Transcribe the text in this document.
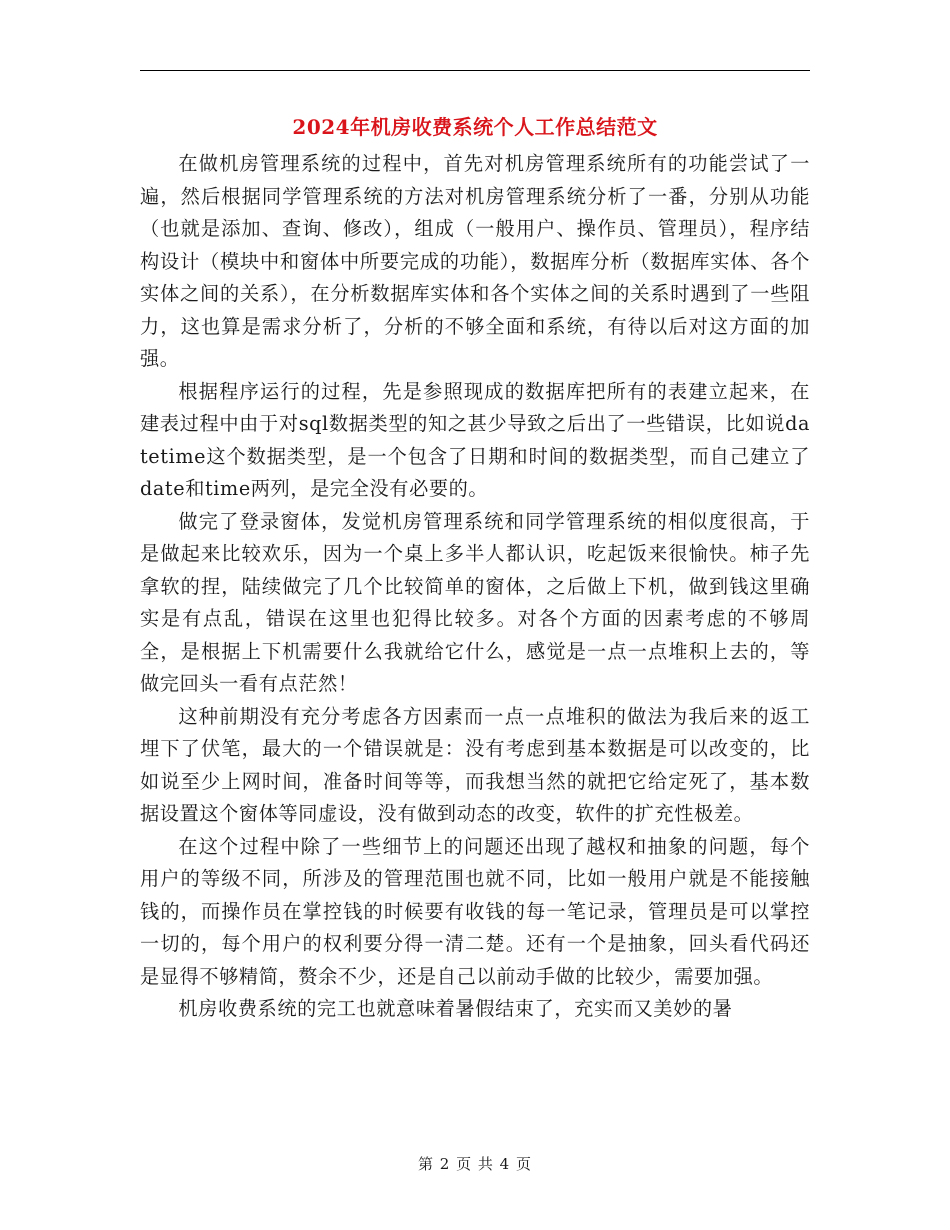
2024年机房收费系统个人工作总结范文

在做机房管理系统的过程中，首先对机房管理系统所有的功能尝试了一遍，然后根据同学管理系统的方法对机房管理系统分析了一番，分别从功能（也就是添加、查询、修改），组成（一般用户、操作员、管理员），程序结构设计（模块中和窗体中所要完成的功能），数据库分析（数据库实体、各个实体之间的关系），在分析数据库实体和各个实体之间的关系时遇到了一些阻力，这也算是需求分析了，分析的不够全面和系统，有待以后对这方面的加强。

根据程序运行的过程，先是参照现成的数据库把所有的表建立起来，在建表过程中由于对sql数据类型的知之甚少导致之后出了一些错误，比如说datetime这个数据类型，是一个包含了日期和时间的数据类型，而自己建立了date和time两列，是完全没有必要的。

做完了登录窗体，发觉机房管理系统和同学管理系统的相似度很高，于是做起来比较欢乐，因为一个桌上多半人都认识，吃起饭来很愉快。柿子先拿软的捏，陆续做完了几个比较简单的窗体，之后做上下机，做到钱这里确实是有点乱，错误在这里也犯得比较多。对各个方面的因素考虑的不够周全，是根据上下机需要什么我就给它什么，感觉是一点一点堆积上去的，等做完回头一看有点茫然！

这种前期没有充分考虑各方因素而一点一点堆积的做法为我后来的返工埋下了伏笔，最大的一个错误就是：没有考虑到基本数据是可以改变的，比如说至少上网时间，准备时间等等，而我想当然的就把它给定死了，基本数据设置这个窗体等同虚设，没有做到动态的改变，软件的扩充性极差。

在这个过程中除了一些细节上的问题还出现了越权和抽象的问题，每个用户的等级不同，所涉及的管理范围也就不同，比如一般用户就是不能接触钱的，而操作员在掌控钱的时候要有收钱的每一笔记录，管理员是可以掌控一切的，每个用户的权利要分得一清二楚。还有一个是抽象，回头看代码还是显得不够精简，赘余不少，还是自己以前动手做的比较少，需要加强。

机房收费系统的完工也就意味着暑假结束了，充实而又美妙的暑

第 2 页 共 4 页
